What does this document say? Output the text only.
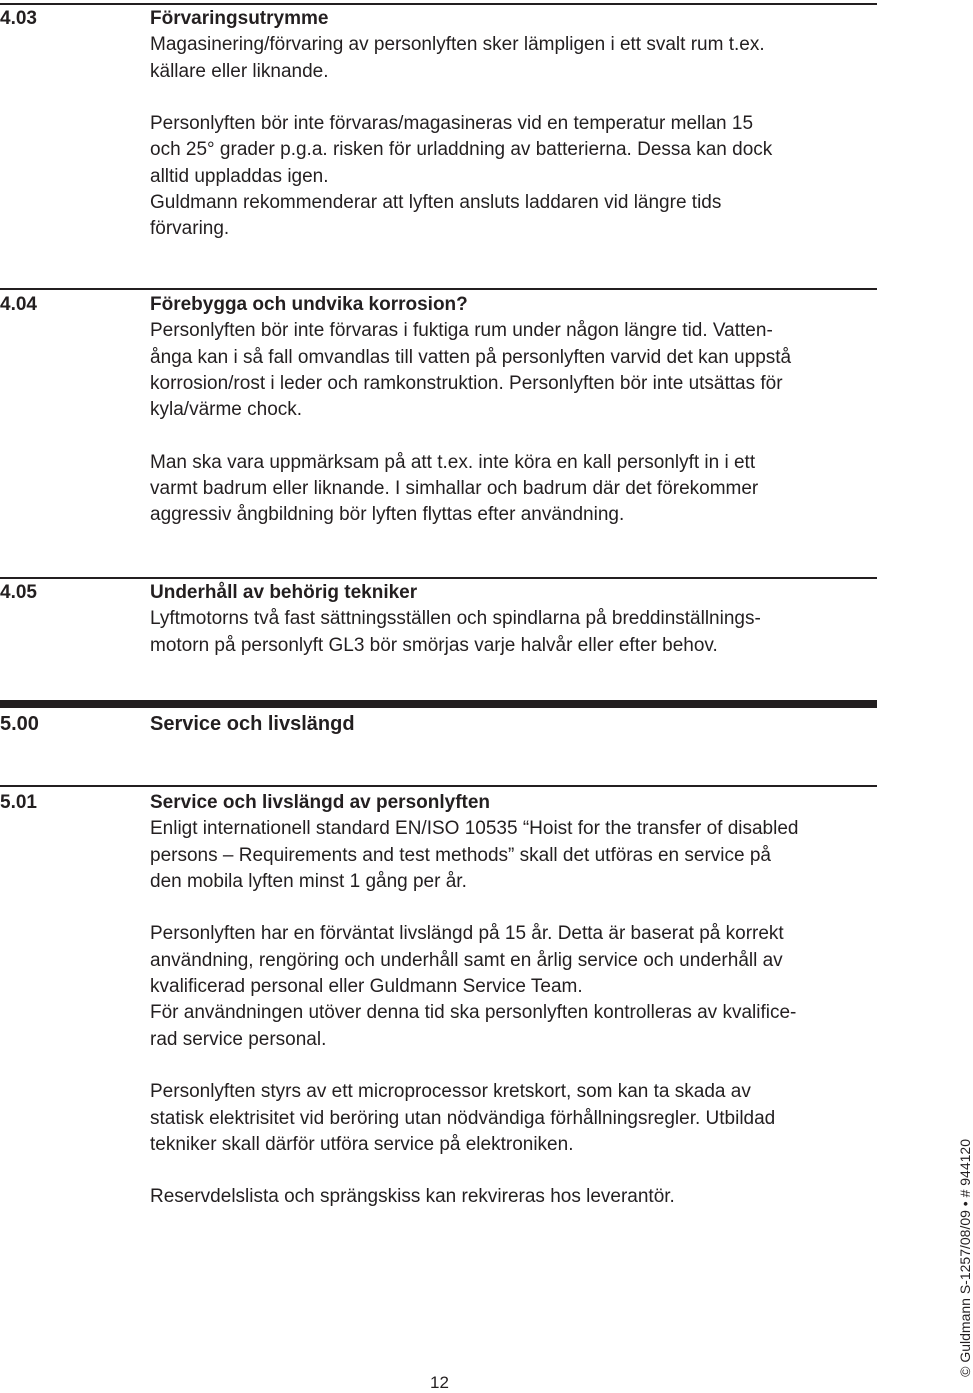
4.03	Förvaringsutrymme

Magasinering/förvaring av personlyften sker lämpligen i ett svalt rum t.ex.
källare eller liknande.

Personlyften bör inte förvaras/magasineras vid en temperatur mellan 15
och 25° grader p.g.a. risken för urladdning av batterierna. Dessa kan dock
alltid uppladdas igen.
Guldmann rekommenderar att lyften ansluts laddaren vid längre tids
förvaring.

4.04	Förebygga och undvika korrosion?

Personlyften bör inte förvaras i fuktiga rum under någon längre tid. Vatten-
ånga kan i så fall omvandlas till vatten på personlyften varvid det kan uppstå
korrosion/rost i leder och ramkonstruktion. Personlyften bör inte utsättas för
kyla/värme chock.

Man ska vara uppmärksam på att t.ex. inte köra en kall personlyft in i ett
varmt badrum eller liknande. I simhallar och badrum där det förekommer
aggressiv ångbildning bör lyften flyttas efter användning.

4.05	Underhåll av behörig tekniker

Lyftmotorns två fast sättningsställen och spindlarna på breddinställnings-
motorn på personlyft GL3 bör smörjas varje halvår eller efter behov.

5.00	Service och livslängd
5.01	Service och livslängd av personlyften

Enligt internationell standard EN/ISO 10535 “Hoist for the transfer of disabled
persons – Requirements and test methods” skall det utföras en service på
den mobila lyften minst 1 gång per år.

Personlyften har en förväntat livslängd på 15 år. Detta är baserat på korrekt
användning, rengöring och underhåll samt en årlig service och underhåll av
kvalificerad personal eller Guldmann Service Team.

För användningen utöver denna tid ska personlyften kontrolleras av kvalifice-
rad service personal.

Personlyften styrs av ett microprocessor kretskort, som kan ta skada av
statisk elektrisitet vid beröring utan nödvändiga förhållningsregler. Utbildad
tekniker skall därför utföra service på elektroniken.

Reservdelslista och sprängskiss kan rekvireras hos leverantör.

12
© Guldmann S-1257/08/09 • # 944120
